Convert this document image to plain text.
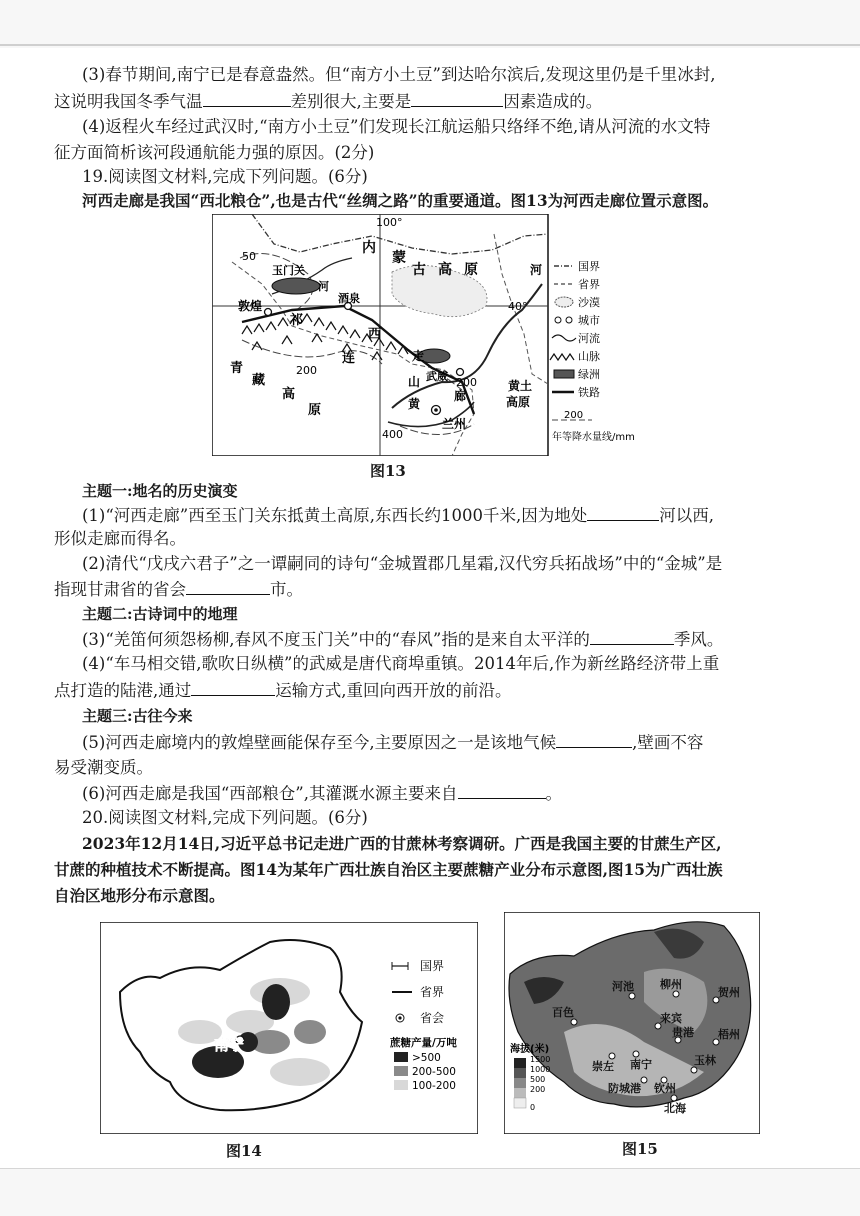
(3)春节期间,南宁已是春意盎然。但“南方小土豆”到达哈尔滨后,发现这里仍是千里冰封,
这说明我国冬季气温	差别很大,主要是	因素造成的。
(4)返程火车经过武汉时,“南方小土豆”们发现长江航运船只络绎不绝,请从河流的水文特
征方面简析该河段通航能力强的原因。(2分)
19.阅读图文材料,完成下列问题。(6分)
河西走廊是我国“西北粮仓”,也是古代“丝绸之路”的重要通道。图13为河西走廊位置示意图。
100°
40°
50
200
200
400
玉门关
河
敦煌
酒泉
祁
连
西
山
走
廊
武威
兰州
黄
河
内
蒙
古 高 原
青
藏
高
原
黄土
高原
国界
省界
沙漠
城市
河流
山脉
绿洲
铁路
200
年等降水量线/mm
图13
主题一:地名的历史演变
(1)“河西走廊”西至玉门关东抵黄土高原,东西长约1000千米,因为地处	河以西,
形似走廊而得名。
(2)清代“戊戌六君子”之一谭嗣同的诗句“金城置郡几星霜,汉代穷兵拓战场”中的“金城”是
指现甘肃省的省会	市。
主题二:古诗词中的地理
(3)“羌笛何须怨杨柳,春风不度玉门关”中的“春风”指的是来自太平洋的	季风。
(4)“车马相交错,歌吹日纵横”的武威是唐代商埠重镇。2014年后,作为新丝路经济带上重
点打造的陆港,通过	运输方式,重回向西开放的前沿。
主题三:古往今来
(5)河西走廊境内的敦煌壁画能保存至今,主要原因之一是该地气候	,壁画不容
易受潮变质。
(6)河西走廊是我国“西部粮仓”,其灌溉水源主要来自	。
20.阅读图文材料,完成下列问题。(6分)
2023年12月14日,习近平总书记走进广西的甘蔗林考察调研。广西是我国主要的甘蔗生产区,
甘蔗的种植技术不断提高。图14为某年广西壮族自治区主要蔗糖产业分布示意图,图15为广西壮族
自治区地形分布示意图。
南宁
国界
省界
省会
蔗糖产量/万吨
>500
200-500
100-200
图14
河池 柳州
贺州
百色	来宾
贵港 梧州
崇左 南宁	玉林
防城港 钦州
北海
海拔(米)
1500
1000
500
200
0
图15
